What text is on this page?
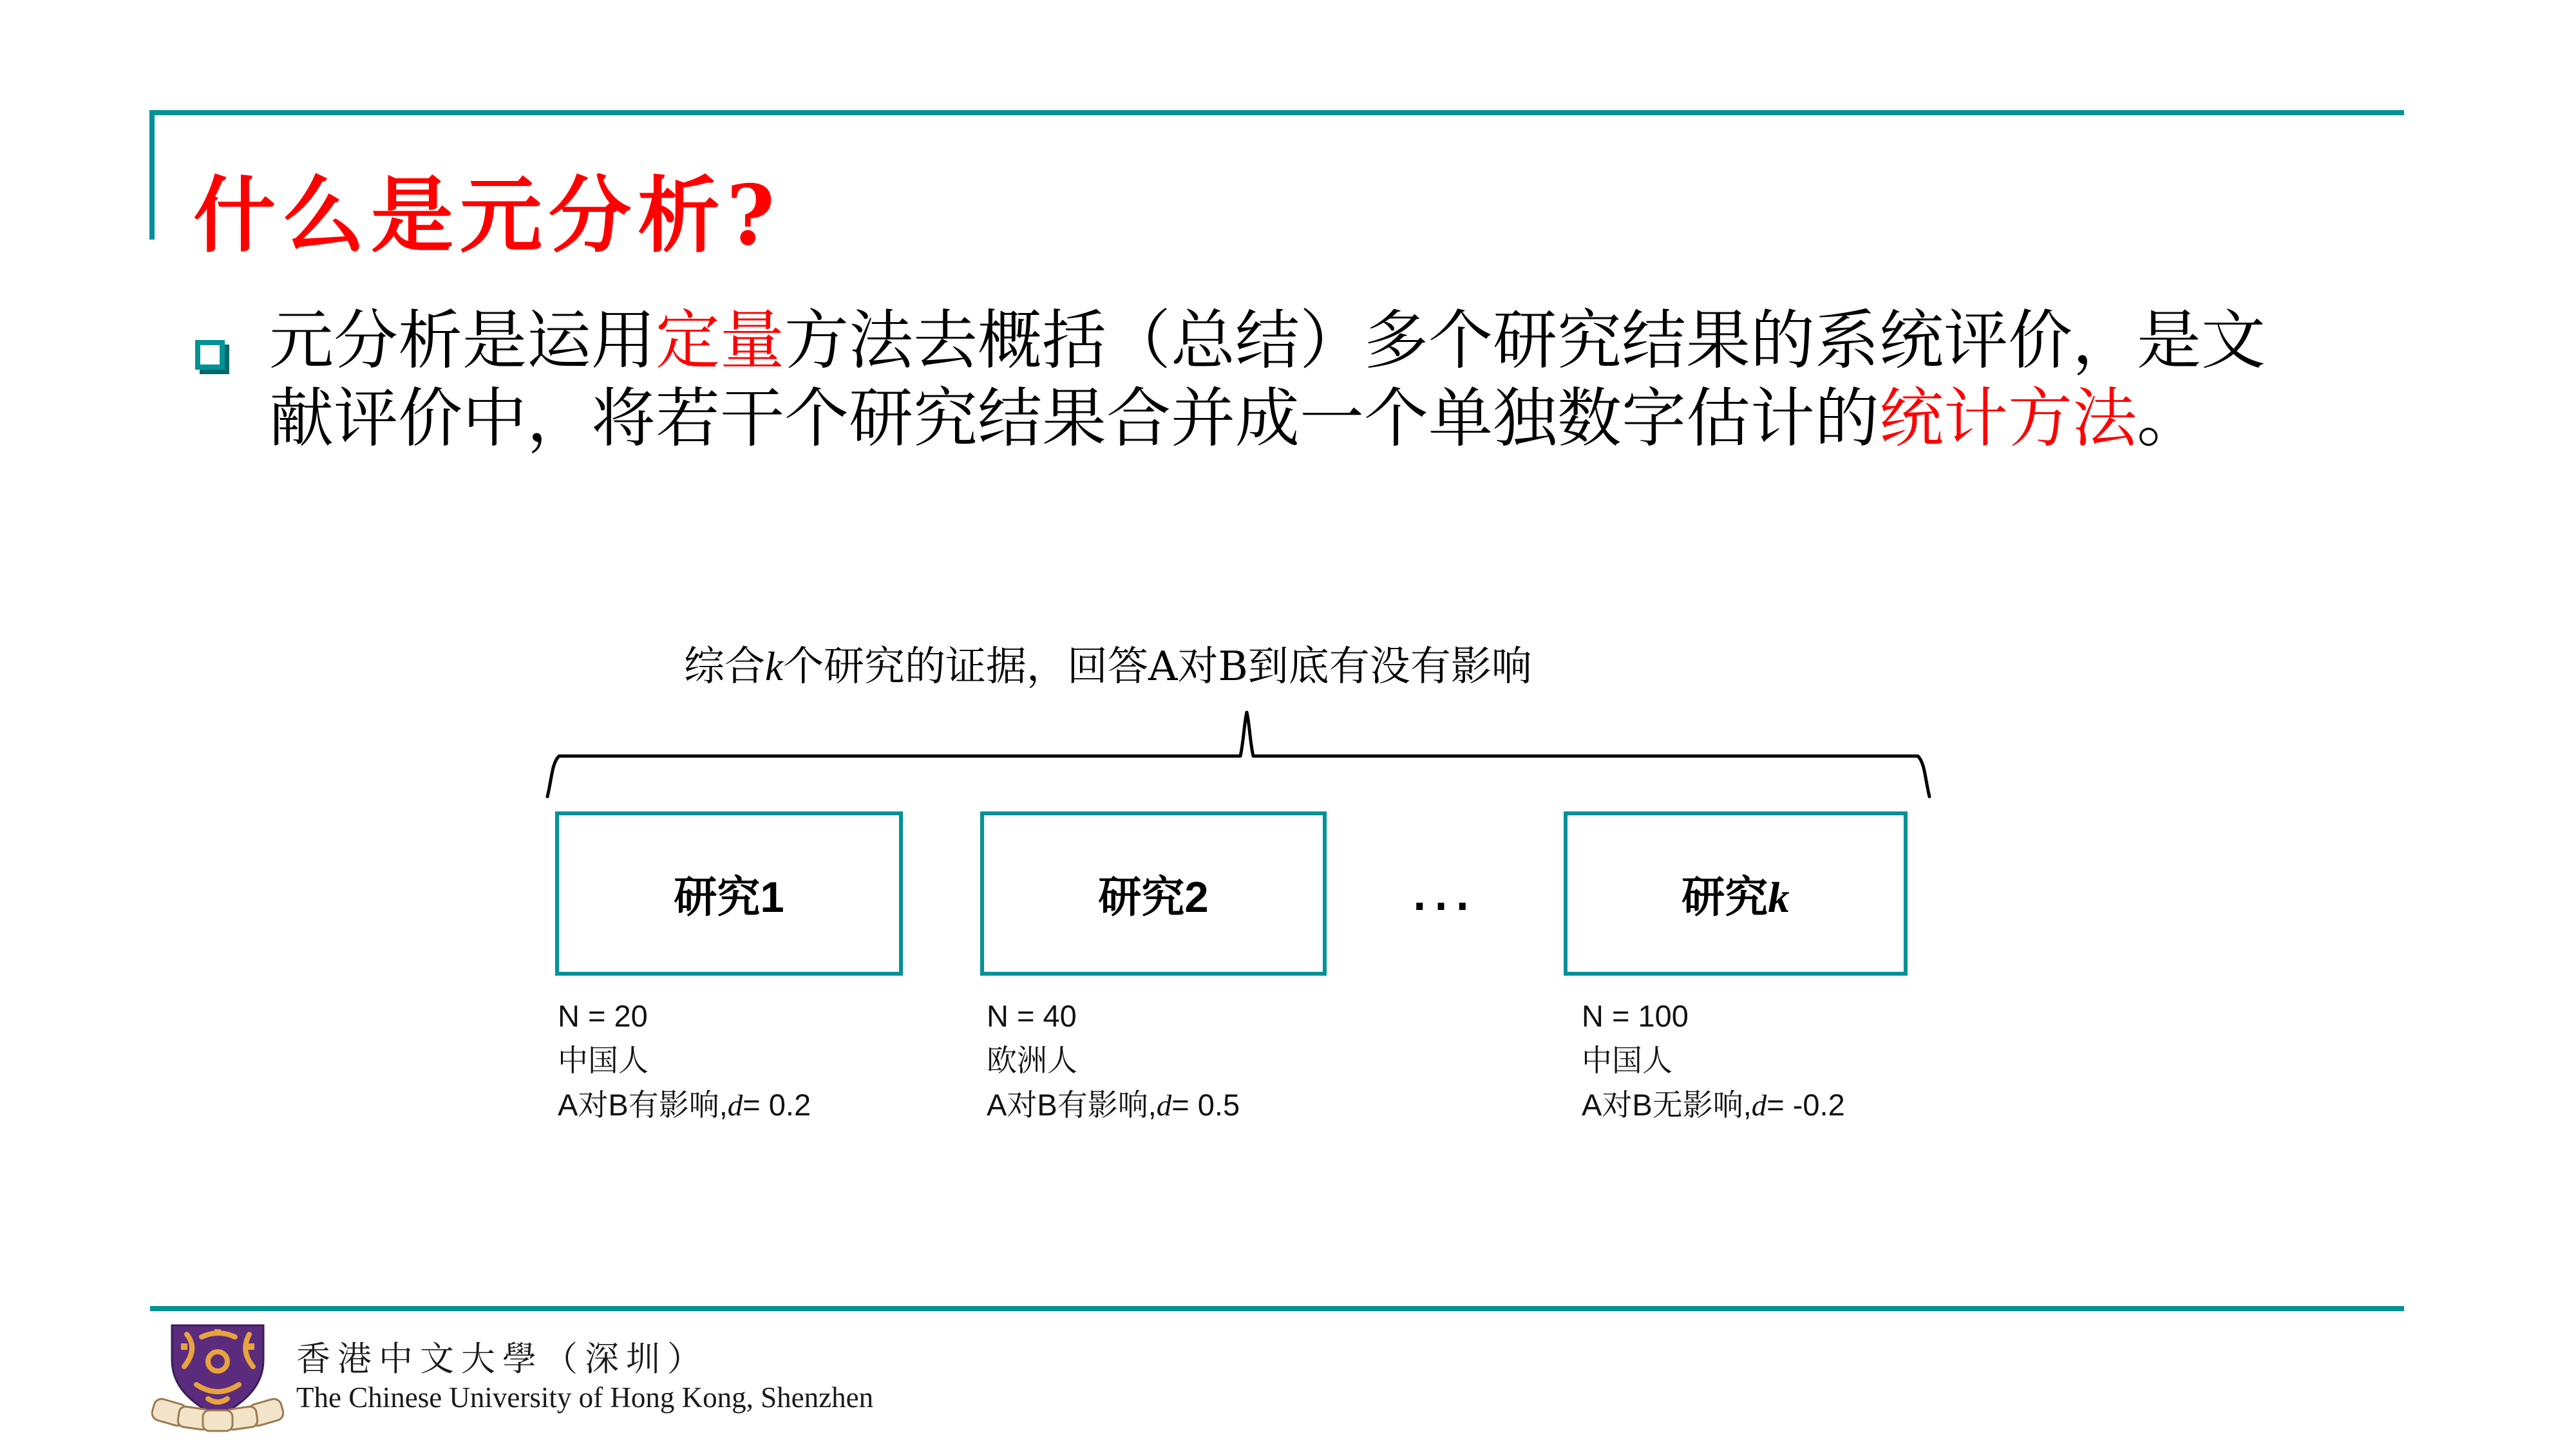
什么是元分析?
元分析是运用定量方法去概括（总结）多个研究结果的系统评价，是文
献评价中，将若干个研究结果合并成一个单独数字估计的统计方法。
综合k个研究的证据，回答A对B到底有没有影响
研究1	研究2	…	研究k
N = 20
中国人
A对B有影响,d= 0.2
N = 40
欧洲人
A对B有影响,d= 0.5
N = 100
中国人
A对B无影响,d= -0.2
香港中文大學（深圳）
The Chinese University of Hong Kong, Shenzhen
